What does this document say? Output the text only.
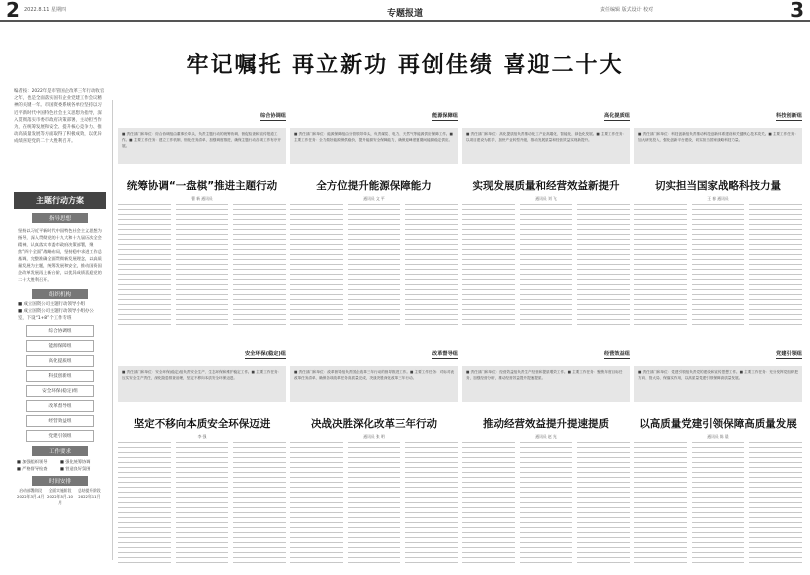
2 2022.8.11 星期四	专题报道	责任编辑 版式设计 校对	3
牢记嘱托 再立新功 再创佳绩 喜迎二十大
编者按：2022年是市管国企改革三年行动收官之年，也是全面落实国有企业党建工作会议精神的关键一年。市国资委系统各单位坚持以习近平新时代中国特色社会主义思想为指导，深入贯彻落实市委市政府决策部署，主动担当作为，在统筹发展和安全、提升核心竞争力、推动高质量发展等方面取得了积极成效，以优异成绩喜迎党的二十大胜利召开。
主题行动方案
指导思想
坚持以习近平新时代中国特色社会主义思想为指导，深入贯彻党的十九大和十九届历次全会精神，认真落实市委市政府决策部署，聚焦“四个全面”战略布局，坚持稳中求进工作总基调，完整准确全面贯彻新发展理念，以高质量发展为主题，统筹发展和安全，推动国资国企改革发展再上新台阶，以优异成绩喜迎党的二十大胜利召开。
组织机构
■ 成立国资公司主题行动领导小组
■ 成立国资公司主题行动领导小组办公室，下设“1+8”个工作专班
综合协调组
能源保障组
高化提质组
科技创新组
安全环保(稳定)组
改革督导组
经营效益组
党建引领组
工作要求
■ 加强组织领导	■ 强化统筹协调
■ 严格督导检查	■ 营造良好氛围
时间安排
启动部署阶段 2022年3月-4月
全面实施阶段 2022年5月-10月
总结提升阶段 2022年11月
综合协调组
■ 责任部门和单位：综合协调组由董事长牵头，负责主题行动的统筹协调、督促检查和宣传报道工作。■ 主要工作任务：建立工作机制，细化任务清单，加强调度推进，确保主题行动各项工作有序开展。
统筹协调“一盘棋”推进主题行动
曹 新 通讯员
能源保障组
■ 责任部门和单位：能源保障组由分管领导牵头，负责煤炭、电力、天然气等能源供应保障工作。■ 主要工作任务：全力做好能源保供稳价，提升能源安全保障能力，确保迎峰度夏期间能源稳定供应。
全方位提升能源保障能力
通讯员 文 平
高化提质组
■ 责任部门和单位：高化提质组负责推动化工产业高端化、智能化、绿色化发展。■ 主要工作任务：以项目建设为抓手，加快产业转型升级，推动发展质量和经营效益实现新提升。
实现发展质量和经营效益新提升
通讯员 刘 飞
科技创新组
■ 责任部门和单位：科技创新组负责推动科技创新体系建设和关键核心技术攻关。■ 主要工作任务：加大研发投入，强化创新平台建设，切实担当国家战略科技力量。
切实担当国家战略科技力量
王 春 通讯员
安全环保(稳定)组
■ 责任部门和单位：安全环保(稳定)组负责安全生产、生态环保和维护稳定工作。■ 主要工作任务：压实安全生产责任，深化隐患排查治理，坚定不移向本质安全环保迈进。
坚定不移向本质安全环保迈进
李 强
改革督导组
■ 责任部门和单位：改革督导组负责国企改革三年行动的督导推进工作。■ 主要工作任务：对标对表改革任务清单，确保各项改革任务高质量完成，决战决胜深化改革三年行动。
决战决胜深化改革三年行动
通讯员 张 明
经营效益组
■ 责任部门和单位：经营效益组负责生产经营和提质增效工作。■ 主要工作任务：聚焦年度目标任务，加强经营分析，推动经营效益提升提速提质。
推动经营效益提升提速提质
通讯员 赵 光
党建引领组
■ 责任部门和单位：党建引领组负责党的建设和宣传思想工作。■ 主要工作任务：充分发挥党组织把方向、管大局、保落实作用，以高质量党建引领保障高质量发展。
以高质量党建引领保障高质量发展
通讯员 陈 晨
